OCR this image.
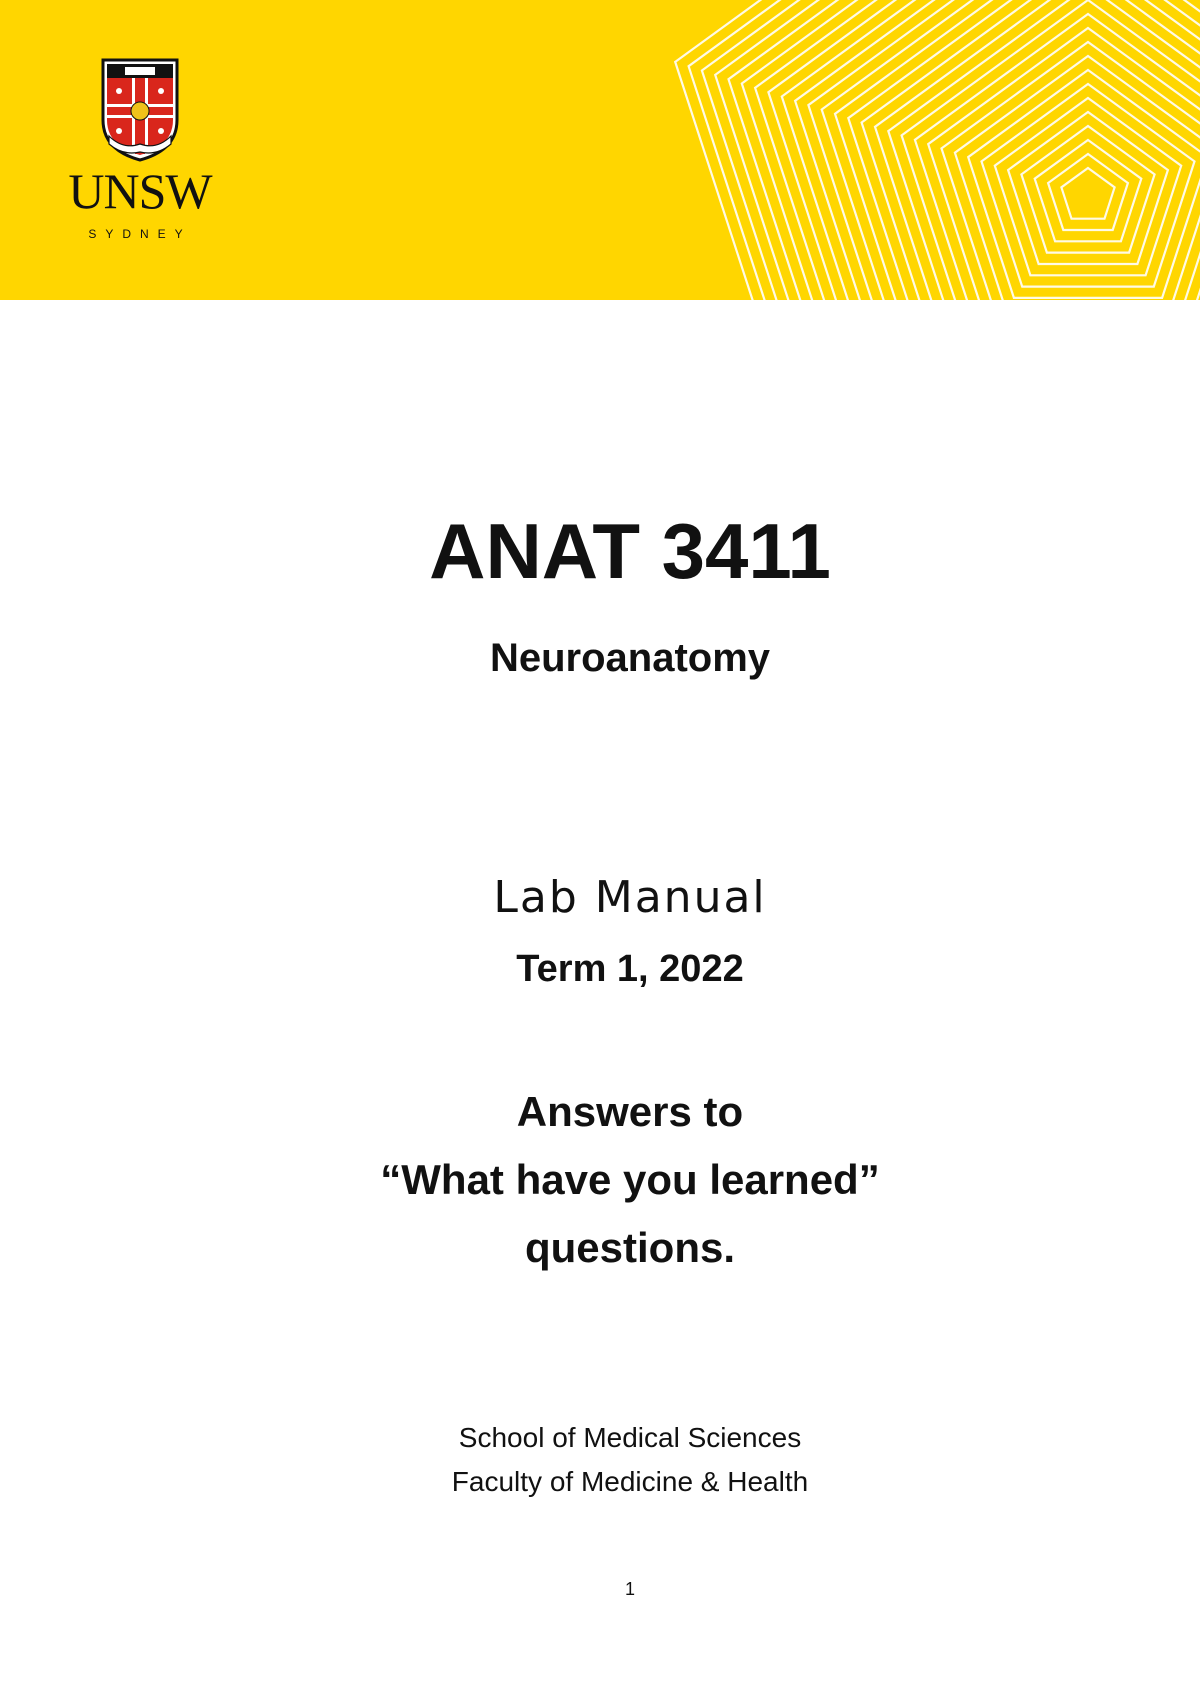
UNSW
SYDNEY
ANAT 3411
Neuroanatomy
Lab Manual
Term 1, 2022
Answers to
“What have you learned”
questions.
School of Medical Sciences
Faculty of Medicine & Health
1
